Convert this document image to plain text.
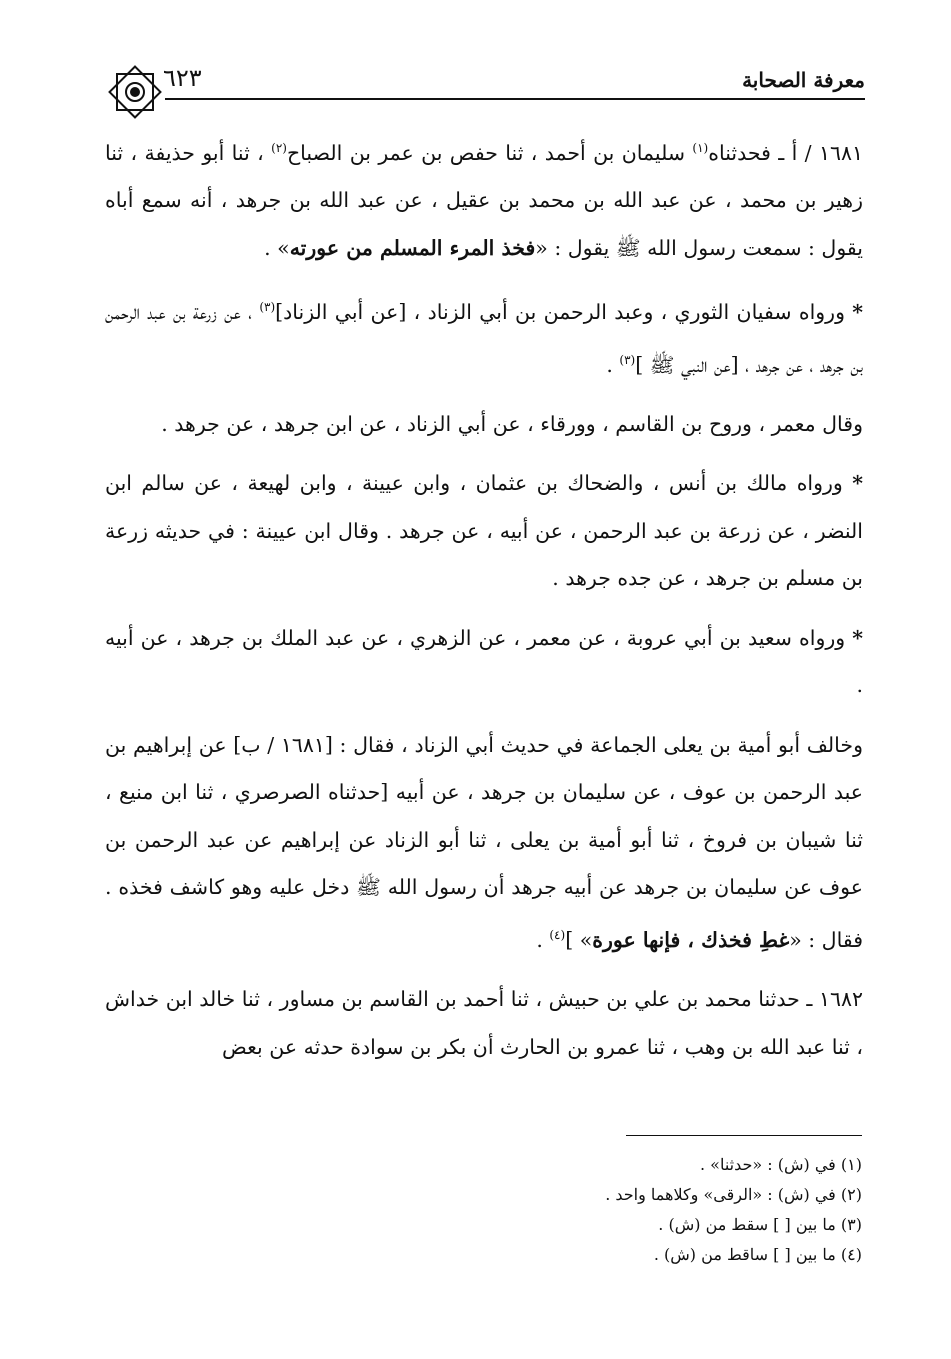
٦٢٣	معرفة الصحابة

١٦٨١ / أ ـ فحدثناه$^{(١)}$ سليمان بن أحمد ، ثنا حفص بن عمر بن الصباح$^{(٢)}$ ، ثنا أبو حذيفة ، ثنا زهير بن محمد ، عن عبد الله بن محمد بن عقيل ، عن عبد الله بن جرهد ، أنه سمع أباه يقول : سمعت رسول الله ﷺ يقول : «فخذ المرء المسلم من عورته» .

* ورواه سفيان الثوري ، وعبد الرحمن بن أبي الزناد ، [عن أبي الزناد]$^{(٣)}$ ، عن زرعة بن عبد الرحمن بن جرهد ، عن جرهد ، [عن النبي ﷺ ]$^{(٣)}$ .

وقال معمر ، وروح بن القاسم ، وورقاء ، عن أبي الزناد ، عن ابن جرهد ، عن جرهد .

* ورواه مالك بن أنس ، والضحاك بن عثمان ، وابن عيينة ، وابن لهيعة ، عن سالم ابن النضر ، عن زرعة بن عبد الرحمن ، عن أبيه ، عن جرهد . وقال ابن عيينة : في حديثه زرعة بن مسلم بن جرهد ، عن جده جرهد .

* ورواه سعيد بن أبي عروبة ، عن معمر ، عن الزهري ، عن عبد الملك بن جرهد ، عن أبيه .

وخالف أبو أمية بن يعلى الجماعة في حديث أبي الزناد ، فقال : [١٦٨١ / ب] عن إبراهيم بن عبد الرحمن بن عوف ، عن سليمان بن جرهد ، عن أبيه [حدثناه الصرصري ، ثنا ابن منيع ، ثنا شيبان بن فروخ ، ثنا أبو أمية بن يعلى ، ثنا أبو الزناد عن إبراهيم عن عبد الرحمن بن عوف عن سليمان بن جرهد عن أبيه جرهد أن رسول الله ﷺ دخل عليه وهو كاشف فخذه . فقال : «غطِ فخذك ، فإنها عورة» ]$^{(٤)}$ .

١٦٨٢ ـ حدثنا محمد بن علي بن حبيش ، ثنا أحمد بن القاسم بن مساور ، ثنا خالد ابن خداش ، ثنا عبد الله بن وهب ، ثنا عمرو بن الحارث أن بكر بن سوادة حدثه عن بعض

(١) في (ش) : «حدثنا» .
(٢) في (ش) : «الرقى» وكلاهما واحد .
(٣) ما بين [ ] سقط من (ش) .
(٤) ما بين [ ] ساقط من (ش) .
